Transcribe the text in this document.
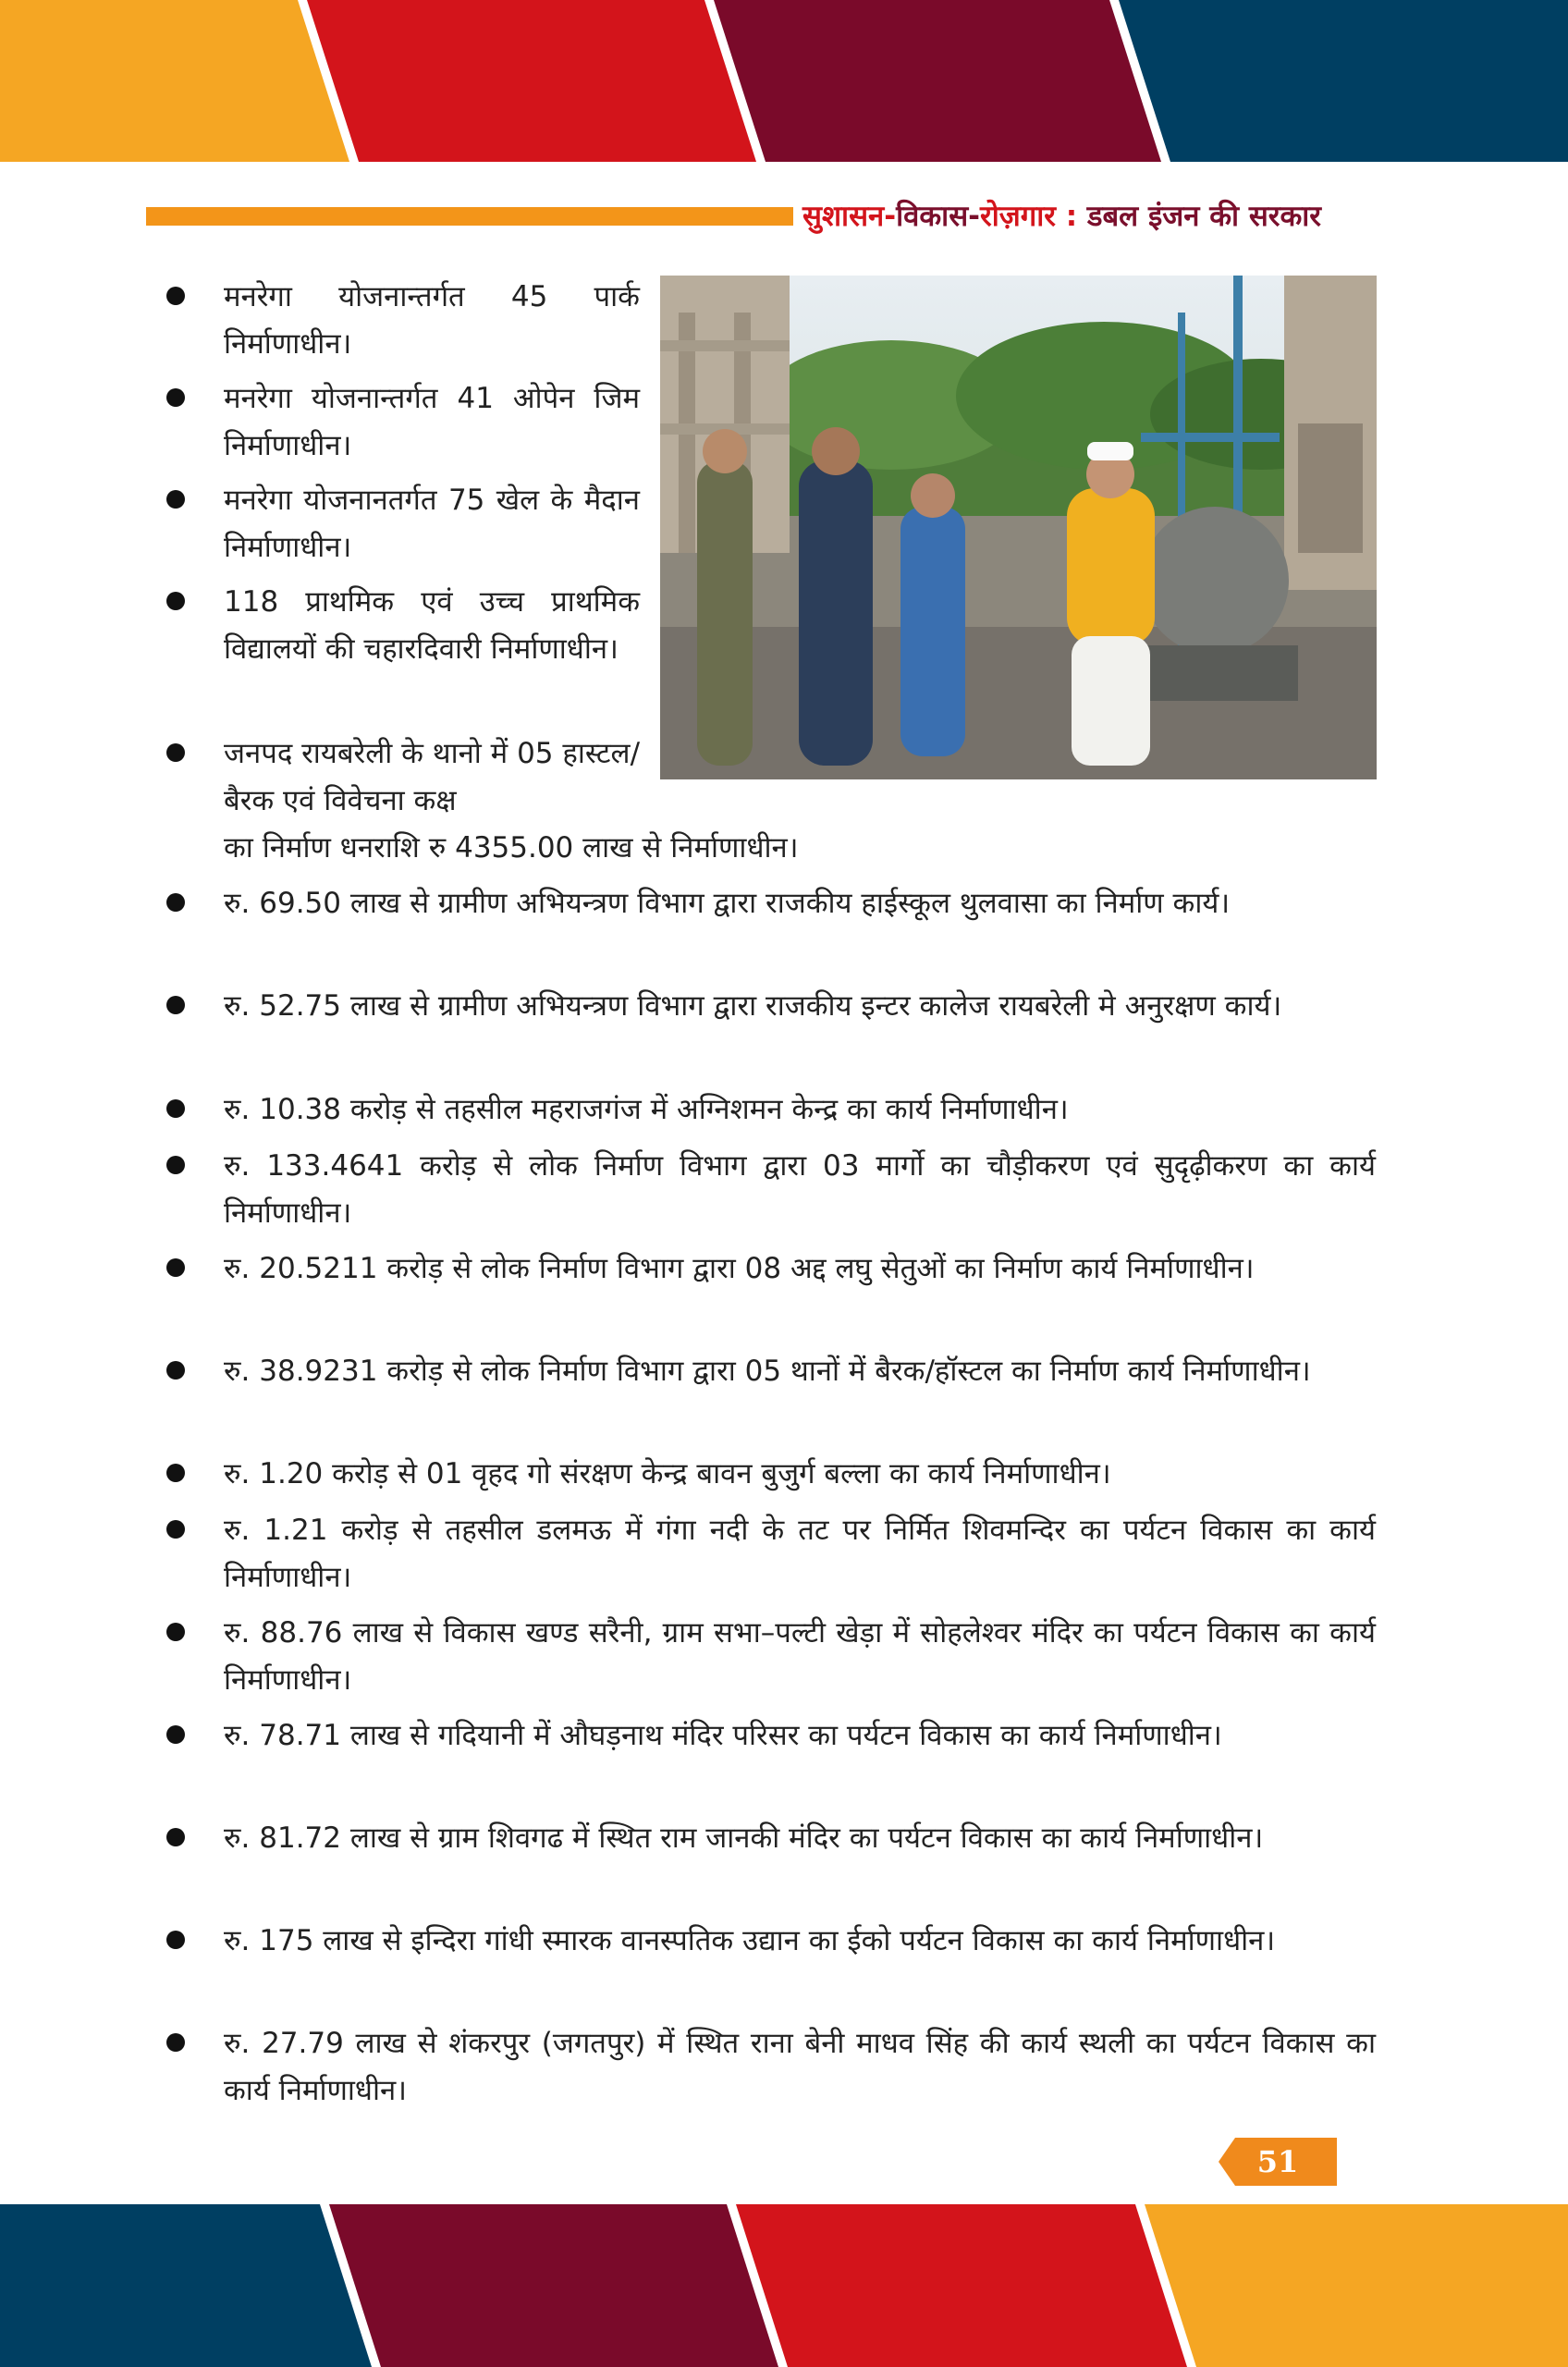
सुशासन-विकास-रोज़गार : डबल इंजन की सरकार
मनरेगा योजनान्तर्गत 45 पार्क निर्माणाधीन।
मनरेगा योजनान्तर्गत 41 ओपेन जिम निर्माणाधीन।
मनरेगा योजनानतर्गत 75 खेल के मैदान निर्माणाधीन।
118 प्राथमिक एवं उच्च प्राथमिक विद्यालयों की चहारदिवारी निर्माणाधीन।
जनपद रायबरेली के थानो में 05 हास्टल/बैरक एवं विवेचना कक्ष
का निर्माण धनराशि रु 4355.00 लाख से निर्माणाधीन।
रु. 69.50 लाख से ग्रामीण अभियन्त्रण विभाग द्वारा राजकीय हाईस्कूल थुलवासा का निर्माण कार्य।
रु. 52.75 लाख से ग्रामीण अभियन्त्रण विभाग द्वारा राजकीय इन्टर कालेज रायबरेली मे अनुरक्षण कार्य।
रु. 10.38 करोड़ से तहसील महराजगंज में अग्निशमन केन्द्र का कार्य निर्माणाधीन।
रु. 133.4641 करोड़ से लोक निर्माण विभाग द्वारा 03 मार्गो का चौड़ीकरण एवं सुदृढ़ीकरण का कार्य निर्माणाधीन।
रु. 20.5211 करोड़ से लोक निर्माण विभाग द्वारा 08 अद्द लघु सेतुओं का निर्माण कार्य निर्माणाधीन।
रु. 38.9231 करोड़ से लोक निर्माण विभाग द्वारा 05 थानों में बैरक/हॉस्टल का निर्माण कार्य निर्माणाधीन।
रु. 1.20 करोड़ से 01 वृहद गो संरक्षण केन्द्र बावन बुजुर्ग बल्ला का कार्य निर्माणाधीन।
रु. 1.21 करोड़ से तहसील डलमऊ में गंगा नदी के तट पर निर्मित शिवमन्दिर का पर्यटन विकास का कार्य निर्माणाधीन।
रु. 88.76 लाख से विकास खण्ड सरैनी, ग्राम सभा–पल्टी खेड़ा में सोहलेश्वर मंदिर का पर्यटन विकास का कार्य निर्माणाधीन।
रु. 78.71 लाख से गदियानी में औघड़नाथ मंदिर परिसर का पर्यटन विकास का कार्य निर्माणाधीन।
रु. 81.72 लाख से ग्राम शिवगढ में स्थित राम जानकी मंदिर का पर्यटन विकास का कार्य निर्माणाधीन।
रु. 175 लाख से इन्दिरा गांधी स्मारक वानस्पतिक उद्यान का ईको पर्यटन विकास का कार्य निर्माणाधीन।
रु. 27.79 लाख से शंकरपुर (जगतपुर) में स्थित राना बेनी माधव सिंह की कार्य स्थली का पर्यटन विकास का कार्य निर्माणाधीन।
51
